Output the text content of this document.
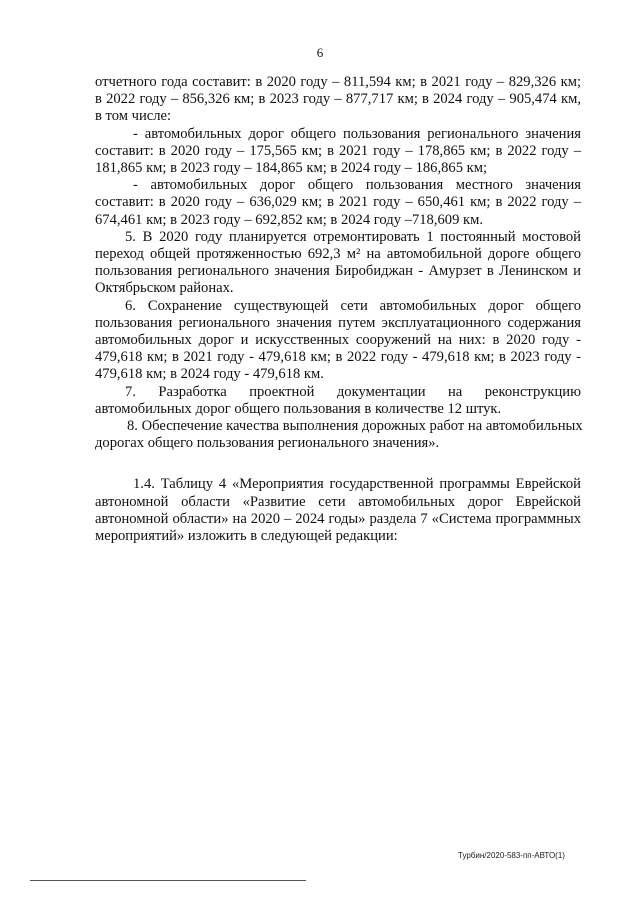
6
отчетного года составит: в 2020 году – 811,594 км; в 2021 году – 829,326 км;
в 2022 году – 856,326 км; в 2023 году – 877,717 км; в 2024 году – 905,474 км,
в том числе:
- автомобильных дорог общего пользования регионального значения
составит: в 2020 году – 175,565 км; в 2021 году – 178,865 км; в 2022 году –
181,865 км; в 2023 году – 184,865 км; в 2024 году – 186,865 км;
- автомобильных дорог общего пользования местного значения
составит: в 2020 году – 636,029 км; в 2021 году – 650,461 км; в 2022 году –
674,461 км; в 2023 году – 692,852 км; в 2024 году –718,609 км.
5. В 2020 году планируется отремонтировать 1 постоянный мостовой
переход общей протяженностью 692,3 м² на автомобильной дороге общего
пользования регионального значения Биробиджан - Амурзет в Ленинском и
Октябрьском районах.
6. Сохранение существующей сети автомобильных дорог общего
пользования регионального значения путем эксплуатационного содержания
автомобильных дорог и искусственных сооружений на них: в 2020 году -
479,618 км; в 2021 году - 479,618 км; в 2022 году - 479,618 км; в 2023 году -
479,618 км; в 2024 году - 479,618 км.
7. Разработка проектной документации на реконструкцию
автомобильных дорог общего пользования в количестве 12 штук.
8. Обеспечение качества выполнения дорожных работ на автомобильных
дорогах общего пользования регионального значения».
1.4. Таблицу 4 «Мероприятия государственной программы Еврейской
автономной области «Развитие сети автомобильных дорог Еврейской
автономной области» на 2020 – 2024 годы» раздела 7 «Система программных
мероприятий» изложить в следующей редакции:
Турбин/2020-583-пп-АВТО(1)
